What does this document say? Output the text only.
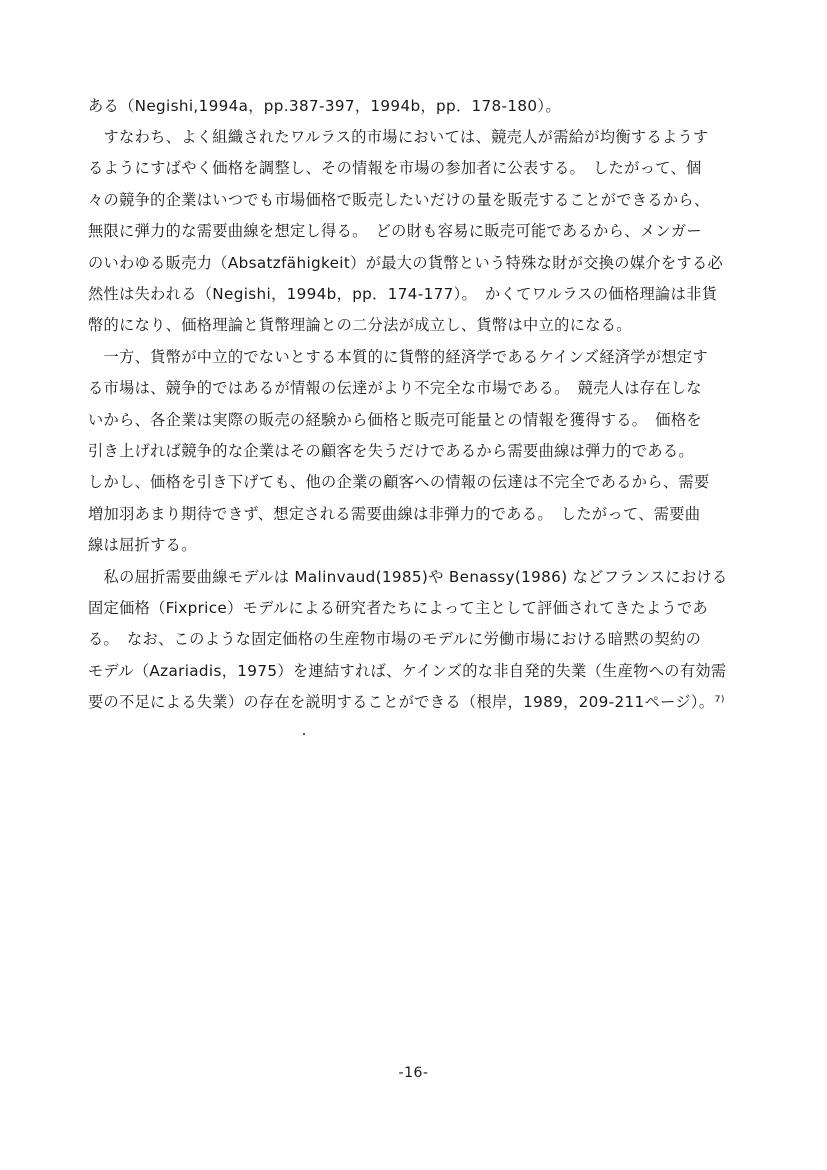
ある（Negishi,1994a，pp.387-397，1994b，pp．178-180）。
　すなわち、よく組織されたワルラス的市場においては、競売人が需給が均衡するようす
るようにすばやく価格を調整し、その情報を市場の参加者に公表する。　したがって、個
々の競争的企業はいつでも市場価格で販売したいだけの量を販売することができるから、
無限に弾力的な需要曲線を想定し得る。　どの財も容易に販売可能であるから、メンガー
のいわゆる販売力（Absatzfähigkeit）が最大の貨幣という特殊な財が交換の媒介をする必
然性は失われる（Negishi，1994b，pp．174-177）。　かくてワルラスの価格理論は非貨
幣的になり、価格理論と貨幣理論との二分法が成立し、貨幣は中立的になる。
　一方、貨幣が中立的でないとする本質的に貨幣的経済学であるケインズ経済学が想定す
る市場は、競争的ではあるが情報の伝達がより不完全な市場である。　競売人は存在しな
いから、各企業は実際の販売の経験から価格と販売可能量との情報を獲得する。　価格を
引き上げれば競争的な企業はその顧客を失うだけであるから需要曲線は弾力的である。
しかし、価格を引き下げても、他の企業の顧客への情報の伝達は不完全であるから、需要
増加羽あまり期待できず、想定される需要曲線は非弾力的である。　したがって、需要曲
線は屈折する。
　私の屈折需要曲線モデルは Malinvaud(1985)や Benassy(1986) などフランスにおける
固定価格（Fixprice）モデルによる研究者たちによって主として評価されてきたようであ
る。　なお、このような固定価格の生産物市場のモデルに労働市場における暗黙の契約の
モデル（Azariadis，1975）を連結すれば、ケインズ的な非自発的失業（生産物への有効需
要の不足による失業）の存在を説明することができる（根岸，1989，209-211ページ）。⁷⁾
-16-
